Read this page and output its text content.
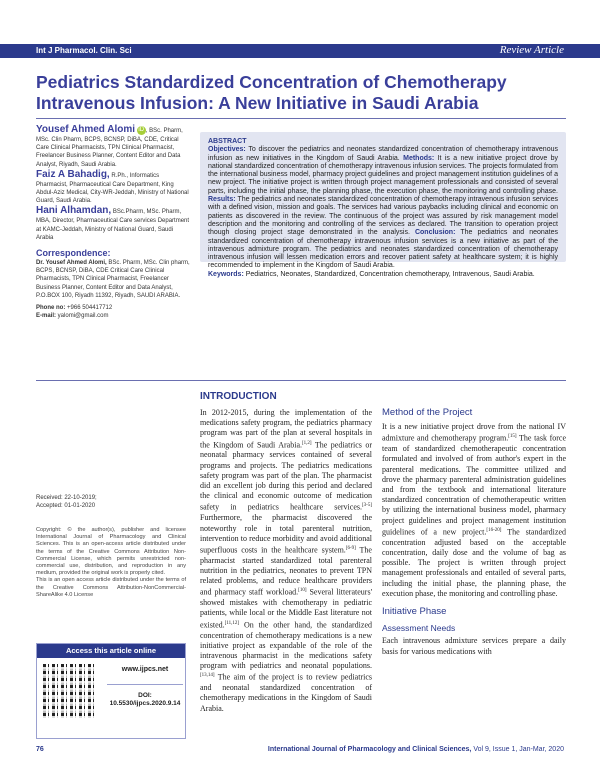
Int J Pharmacol. Clin. Sci	Review Article
Pediatrics Standardized Concentration of Chemotherapy Intravenous Infusion: A New Initiative in Saudi Arabia
Yousef Ahmed Alomi iD , BSc. Pharm, MSc. Clin Pharm, BCPS, BCNSP, DiBA, CDE, Critical Care Clinical Pharmacists, TPN Clinical Pharmacist, Freelancer Business Planner, Content Editor and Data Analyst, Riyadh, Saudi Arabia.
Faiz A Bahadig, R.Ph., Informatics Pharmacist, Pharmaceutical Care Department, King Abdul-Aziz Medical, City-WR-Jeddah, Ministry of National Guard, Saudi Arabia.
Hani Alhamdan, BSc.Pharm, MSc. Pharm, MBA, Director, Pharmaceutical Care services Department at KAMC-Jeddah, Ministry of National Guard, Saudi Arabia
Correspondence:
Dr. Yousef Ahmed Alomi, BSc. Pharm, MSc. Clin pharm, BCPS, BCNSP, DiBA, CDE Critical Care Clinical Pharmacists, TPN Clinical Pharmacist, Freelancer Business Planner, Content Editor and Data Analyst, P.O.BOX 100, Riyadh 11392, Riyadh, SAUDI ARABIA.
Phone no: +966 504417712
E-mail: yalomi@gmail.com
ABSTRACT

Objectives: To discover the pediatrics and neonates standardized concentration of chemotherapy intravenous infusion as new initiatives in the Kingdom of Saudi Arabia. Methods: It is a new initiative project drove by national standardized concentration of chemotherapy intravenous infusion services. The projects formulated from the international business model, pharmacy project guidelines and project management institution guidelines of a new project. The initiative project is written through project management professionals and consisted of several parts, including the initial phase, the planning phase, the execution phase, the monitoring and controlling phase. Results: The pediatrics and neonates standardized concentration of chemotherapy intravenous infusion services with a defined vision, mission and goals. The services had various paybacks including clinical and economic on patients as discovered in the review. The continuous of the project was assured by risk management model description and the monitoring and controlling of the services as declared. The transition to operation project though closing project stage demonstrated in the analysis. Conclusion: The pediatrics and neonates standardized concentration of chemotherapy intravenous infusion services is a new initiative as part of the intravenous admixture program. The pediatrics and neonates standardized concentration of chemotherapy intravenous infusion will lessen medication errors and recover patient safety at healthcare system; it is highly recommended to implement in the Kingdom of Saudi Arabia.

Keywords: Pediatrics, Neonates, Standardized, Concentration chemotherapy, Intravenous, Saudi Arabia.

Received: 22-10-2019;
Accepted: 01-01-2020

Copyright: © the author(s), publisher and licensee International Journal of Pharmacology and Clinical Sciences. This is an open-access article distributed under the terms of the Creative Commons Attribution Non-Commercial License, which permits unrestricted non-commercial use, distribution, and reproduction in any medium, provided the original work is properly cited.

This is an open access article distributed under the terms of the Creative Commons Attribution-NonCommercial-ShareAlike 4.0 License

Access this article online
www.ijpcs.net
DOI:
10.5530/ijpcs.2020.9.14
INTRODUCTION

In 2012-2015, during the implementation of the medications safety program, the pediatrics pharmacy program was part of the plan at several hospitals in the Kingdom of Saudi Arabia.[1,2] The pediatrics or neonatal pharmacy services contained of several programs and projects. The pediatrics medications safety program was part of the plan. The pharmacist did an excellent job during this period and declared the clinical and economic outcome of medication safety in pediatrics healthcare services.[3-5] Furthermore, the pharmacist discovered the noteworthy role in total parenteral nutrition, intervention to reduce morbidity and avoid additional superfluous costs in the healthcare system.[6-9] The pharmacist started standardized total parenteral nutrition in the pediatrics, neonates to prevent TPN related problems, and reduce healthcare providers and pharmacy staff workload.[10] Several litterateurs' showed mistakes with chemotherapy in pediatric patients, while local or the Middle East literature not existed.[11,12] On the other hand, the standardized concentration of chemotherapy medications is a new initiative project as expandable of the role of the intravenous pharmacist in the medications safety program with pediatrics and neonatal populations.[13,14] The aim of the project is to review pediatrics and neonatal standardized concentration of chemotherapy medications in the Kingdom of Saudi Arabia.

Method of the Project

It is a new initiative project drove from the national IV admixture and chemotherapy program.[15] The task force team of standardized chemotherapeutic concentration formulated and involved of from author's expert in the parenteral medications. The committee utilized and drove the pharmacy parenteral administration guidelines and from the textbook and international literature standardized concentration of chemotherapeutic written by utilizing the international business model, pharmacy project guidelines and project management institution guidelines of a new project.[16-20] The standardized concentration adjusted based on the acceptable concentration, daily dose and the volume of bag as possible. The project is written through project management professionals and entailed of several parts, including the initial phase, the planning phase, the execution phase, the monitoring and controlling phase.

Initiative Phase
Assessment Needs

Each intravenous admixture services prepare a daily basis for various medications with

76	International Journal of Pharmacology and Clinical Sciences, Vol 9, Issue 1, Jan-Mar, 2020
